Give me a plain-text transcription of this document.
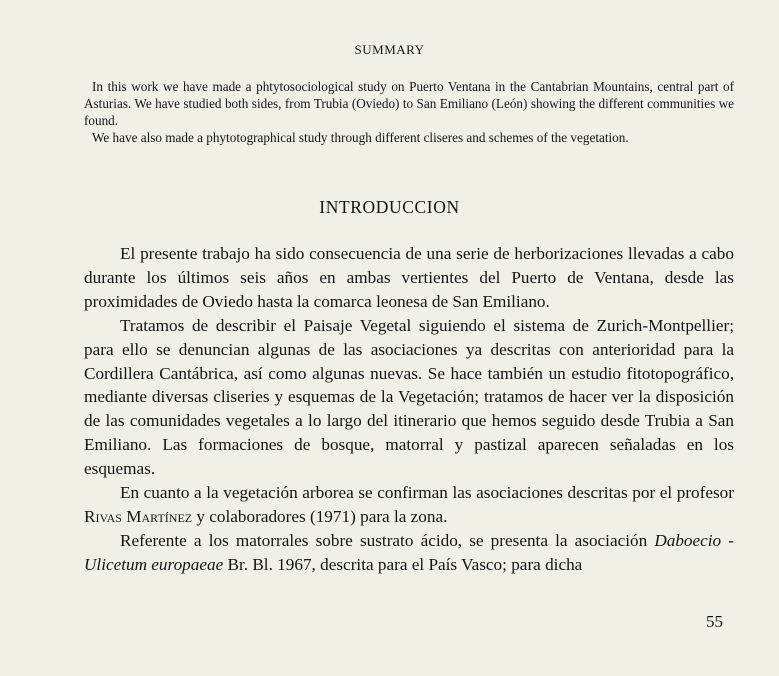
SUMMARY

In this work we have made a phtytosociological study on Puerto Ventana in the Cantabrian Mountains, central part of Asturias. We have studied both sides, from Trubia (Oviedo) to San Emiliano (León) showing the different communities we found.

We have also made a phytotographical study through different cliseres and schemes of the vegetation.

INTRODUCCION

El presente trabajo ha sido consecuencia de una serie de herborizaciones llevadas a cabo durante los últimos seis años en ambas vertientes del Puerto de Ventana, desde las proximidades de Oviedo hasta la comarca leonesa de San Emiliano.

Tratamos de describir el Paisaje Vegetal siguiendo el sistema de Zurich-Montpellier; para ello se denuncian algunas de las asociaciones ya descritas con anterioridad para la Cordillera Cantábrica, así como algunas nuevas. Se hace también un estudio fitotopográfico, mediante diversas cliseries y esquemas de la Vegetación; tratamos de hacer ver la disposición de las comunidades vegetales a lo largo del itinerario que hemos seguido desde Trubia a San Emiliano. Las formaciones de bosque, matorral y pastizal aparecen señaladas en los esquemas.

En cuanto a la vegetación arborea se confirman las asociaciones descritas por el profesor Rivas Martínez y colaboradores (1971) para la zona.

Referente a los matorrales sobre sustrato ácido, se presenta la asociación Daboecio - Ulicetum europaeae Br. Bl. 1967, descrita para el País Vasco; para dicha

55
